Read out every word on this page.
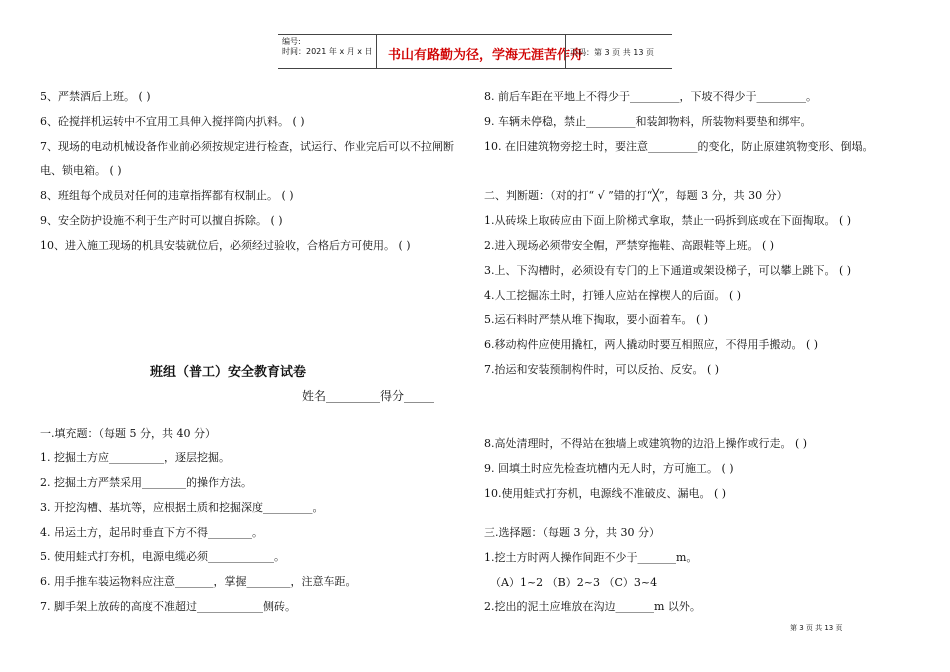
编号:
时间：2021 年 x 月 x 日 书山有路勤为径，学海无涯苦作舟
页码：第 3 页 共 13 页
5、严禁酒后上班。 ( )
6、砼搅拌机运转中不宜用工具伸入搅拌筒内扒料。 ( )
7、现场的电动机械设备作业前必须按规定进行检查，试运行、作业完后可以不拉闸断
电、锁电箱。 ( )
8、班组每个成员对任何的违章指挥都有权制止。 ( )
9、安全防护设施不利于生产时可以擅自拆除。 ( )
10、进入施工现场的机具安装就位后，必须经过验收，合格后方可使用。 ( )
班组（普工）安全教育试卷
姓名_________得分_____
一.填充题：（每题 5 分，共 40 分）
1. 挖掘土方应__________，逐层挖掘。
2. 挖掘土方严禁采用________的操作方法。
3. 开挖沟槽、基坑等，应根据土质和挖掘深度_________。
4. 吊运土方，起吊时垂直下方不得________。
5. 使用蛙式打夯机，电源电缆必须____________。
6. 用手推车装运物料应注意_______，掌握________，注意车距。
7. 脚手架上放砖的高度不准超过____________侧砖。
8. 前后车距在平地上不得少于_________，下坡不得少于_________。
9. 车辆未停稳，禁止_________和装卸物料，所装物料要垫和绑牢。
10. 在旧建筑物旁挖土时，要注意_________的变化，防止原建筑物变形、倒塌。
二、判断题：（对的打“ √ ”错的打“╳”，每题 3 分，共 30 分）
1.从砖垛上取砖应由下面上阶梯式拿取，禁止一码拆到底或在下面掏取。 ( )
2.进入现场必须带安全帽，严禁穿拖鞋、高跟鞋等上班。 ( )
3.上、下沟槽时，必须设有专门的上下通道或架设梯子，可以攀上跳下。 ( )
4.人工挖掘冻土时，打锤人应站在撑楔人的后面。 ( )
5.运石料时严禁从堆下掏取，要小面着车。 ( )
6.移动构件应使用撬杠，两人撬动时要互相照应，不得用手搬动。 ( )
7.抬运和安装预制构件时，可以反抬、反安。 ( )
8.高处清理时，不得站在独墙上或建筑物的边沿上操作或行走。 ( )
9. 回填土时应先检查坑槽内无人时，方可施工。 ( )
10.使用蛙式打夯机，电源线不准破皮、漏电。 ( )
三.选择题：（每题 3 分，共 30 分）
1.挖土方时两人操作间距不少于_______m。
（A）1~2 （B）2~3 （C）3~4
2.挖出的泥土应堆放在沟边_______m 以外。
第 3 页 共 13 页
